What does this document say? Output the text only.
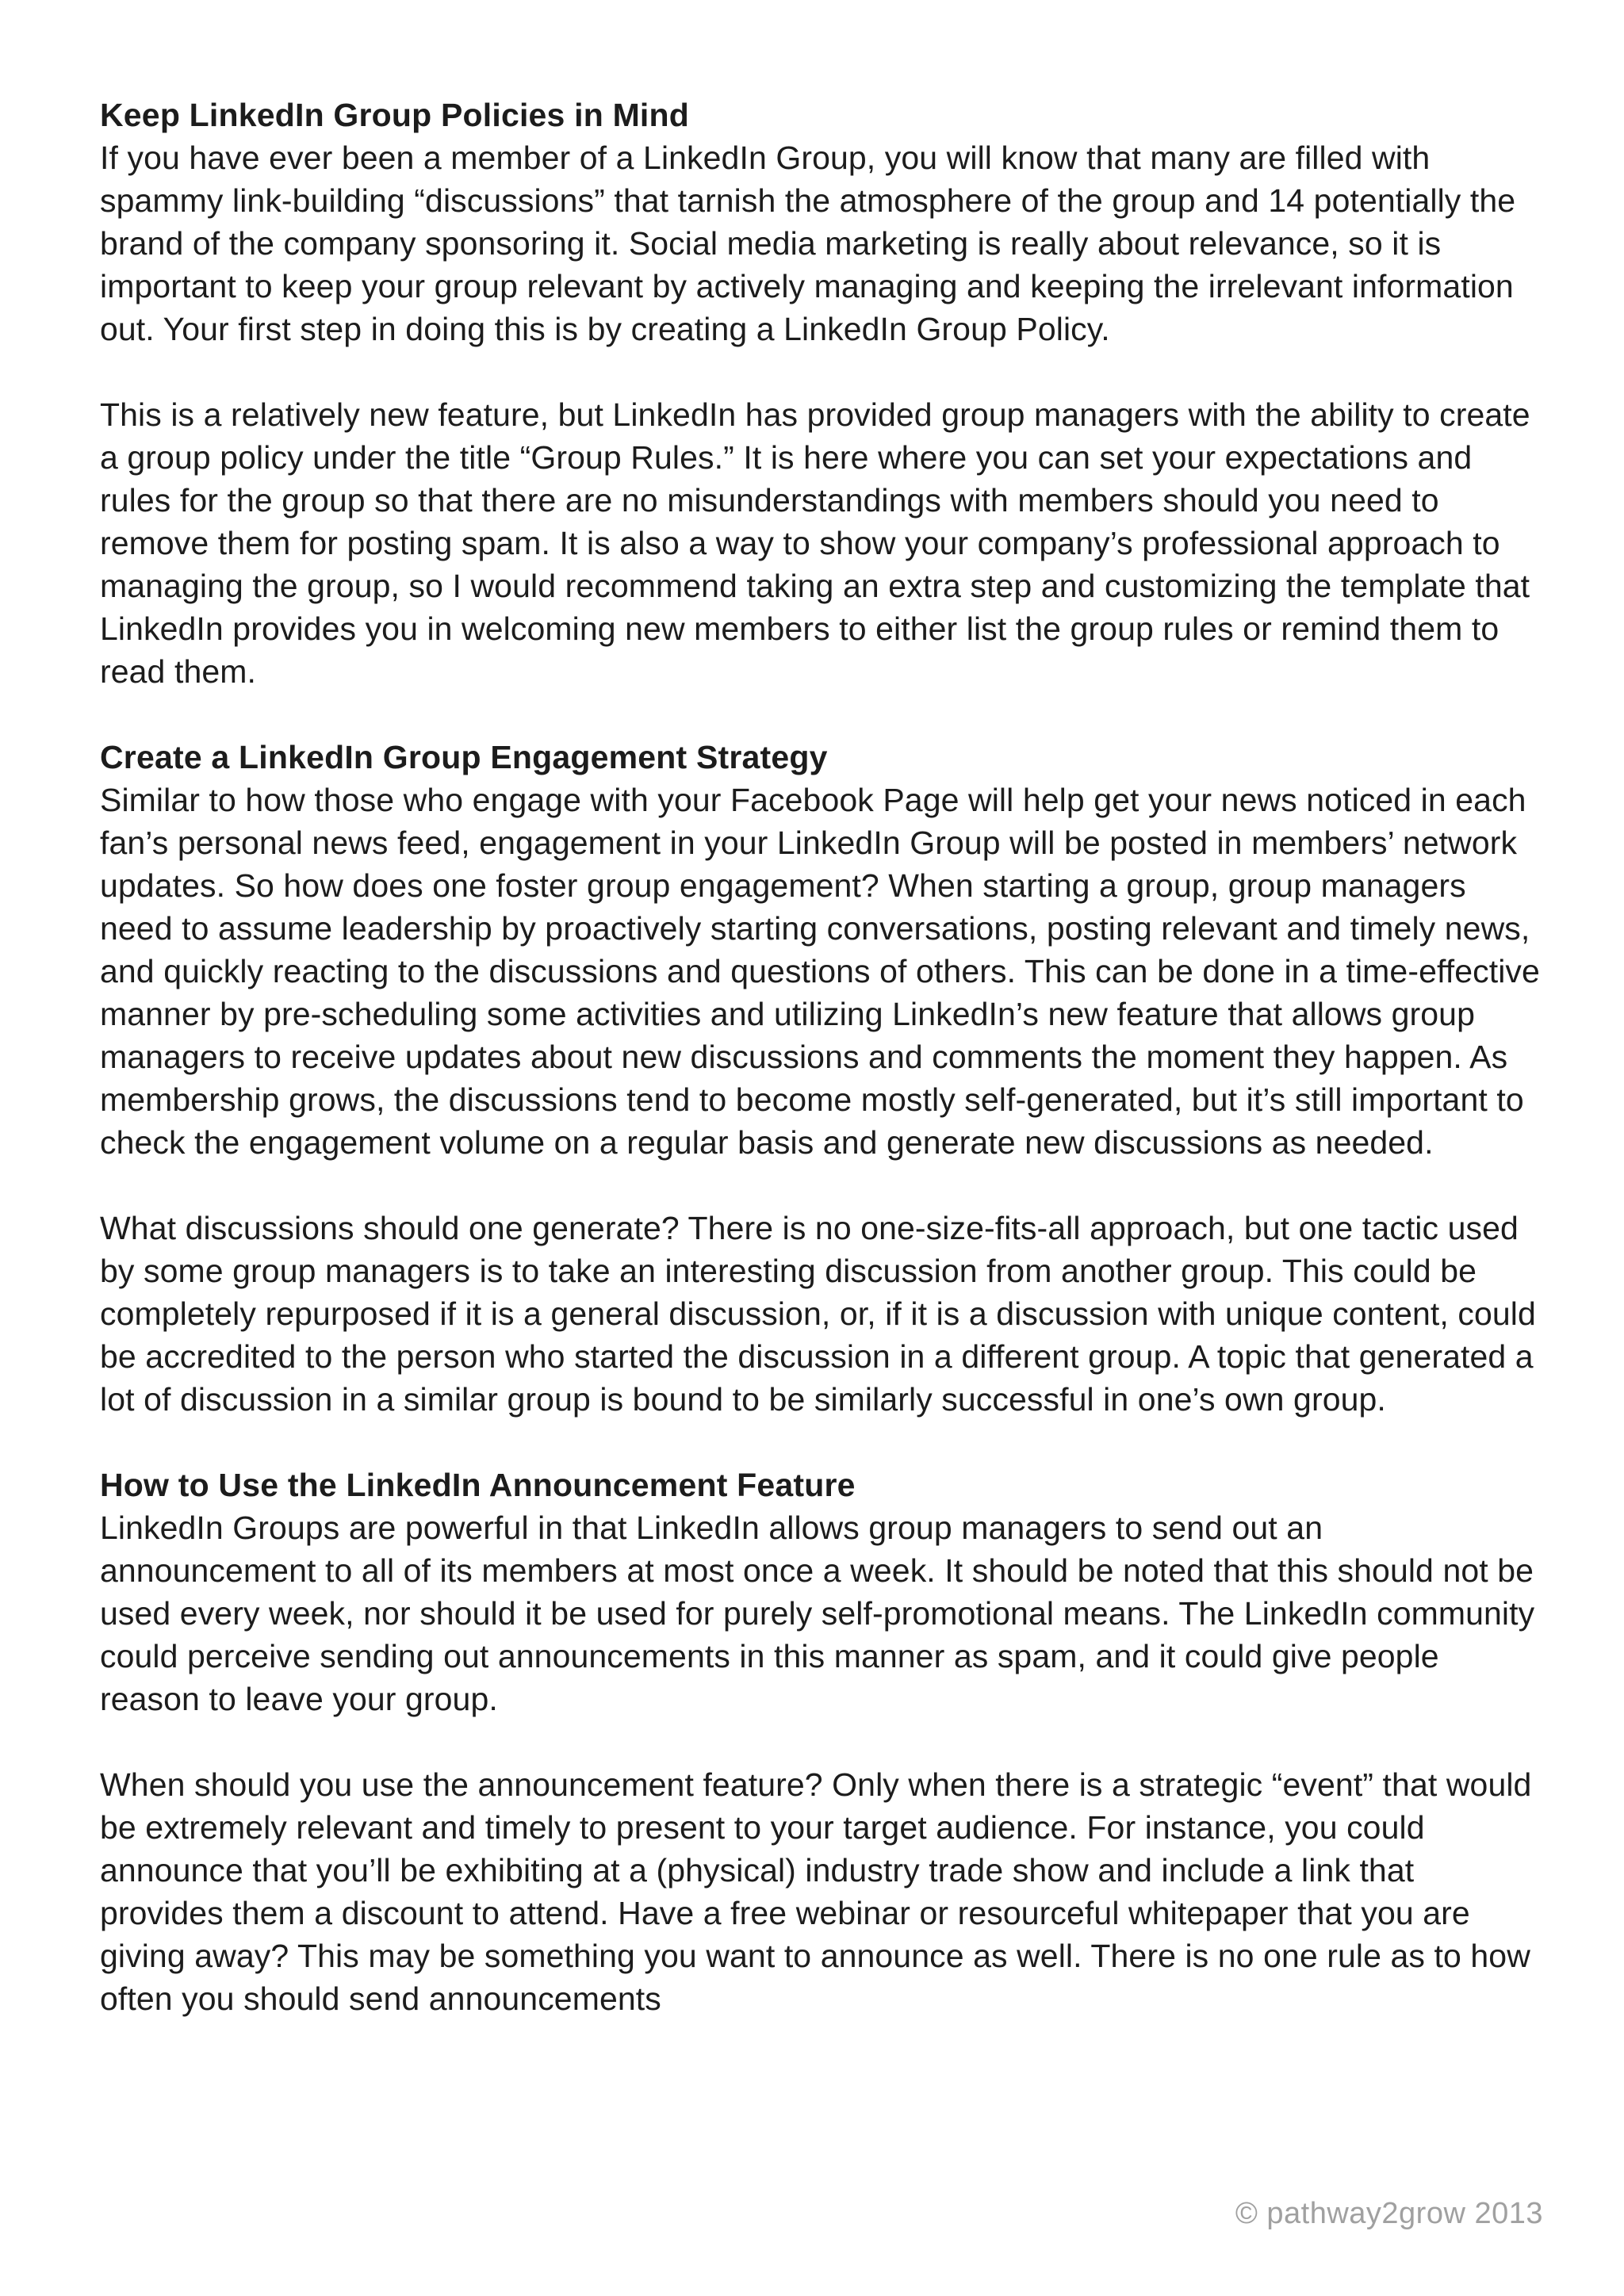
Keep LinkedIn Group Policies in Mind

If you have ever been a member of a LinkedIn Group, you will know that many are filled with spammy link-building “discussions” that tarnish the atmosphere of the group and 14 potentially the brand of the company sponsoring it. Social media marketing is really about relevance, so it is important to keep your group relevant by actively managing and keeping the irrelevant information out. Your first step in doing this is by creating a LinkedIn Group Policy.

This is a relatively new feature, but LinkedIn has provided group managers with the ability to create a group policy under the title “Group Rules.” It is here where you can set your expectations and rules for the group so that there are no misunderstandings with members should you need to remove them for posting spam. It is also a way to show your company’s professional approach to managing the group, so I would recommend taking an extra step and customizing the template that LinkedIn provides you in welcoming new members to either list the group rules or remind them to read them.

Create a LinkedIn Group Engagement Strategy

Similar to how those who engage with your Facebook Page will help get your news noticed in each fan’s personal news feed, engagement in your LinkedIn Group will be posted in members’ network updates. So how does one foster group engagement? When starting a group, group managers need to assume leadership by proactively starting conversations, posting relevant and timely news, and quickly reacting to the discussions and questions of others. This can be done in a time-effective manner by pre-scheduling some activities and utilizing LinkedIn’s new feature that allows group managers to receive updates about new discussions and comments the moment they happen. As membership grows, the discussions tend to become mostly self-generated, but it’s still important to check the engagement volume on a regular basis and generate new discussions as needed.

What discussions should one generate? There is no one-size-fits-all approach, but one tactic used by some group managers is to take an interesting discussion from another group. This could be completely repurposed if it is a general discussion, or, if it is a discussion with unique content, could be accredited to the person who started the discussion in a different group. A topic that generated a lot of discussion in a similar group is bound to be similarly successful in one’s own group.

How to Use the LinkedIn Announcement Feature

LinkedIn Groups are powerful in that LinkedIn allows group managers to send out an announcement to all of its members at most once a week. It should be noted that this should not be used every week, nor should it be used for purely self-promotional means. The LinkedIn community could perceive sending out announcements in this manner as spam, and it could give people reason to leave your group.

When should you use the announcement feature? Only when there is a strategic “event” that would be extremely relevant and timely to present to your target audience. For instance, you could announce that you’ll be exhibiting at a (physical) industry trade show and include a link that provides them a discount to attend. Have a free webinar or resourceful whitepaper that you are giving away? This may be something you want to announce as well. There is no one rule as to how often you should send announcements

© pathway2grow 2013
